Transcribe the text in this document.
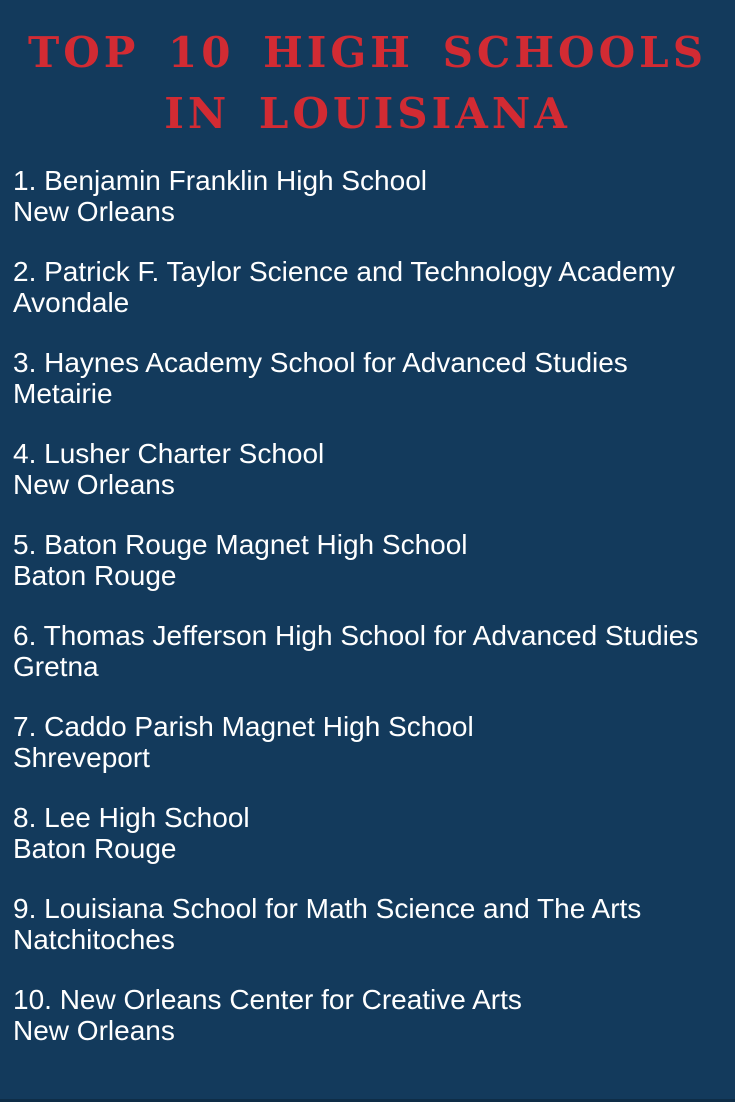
TOP 10 HIGH SCHOOLS
IN LOUISIANA
1. Benjamin Franklin High School
New Orleans
2. Patrick F. Taylor Science and Technology Academy
Avondale
3. Haynes Academy School for Advanced Studies
Metairie
4. Lusher Charter School
New Orleans
5. Baton Rouge Magnet High School
Baton Rouge
6. Thomas Jefferson High School for Advanced Studies
Gretna
7. Caddo Parish Magnet High School
Shreveport
8. Lee High School
Baton Rouge
9. Louisiana School for Math Science and The Arts
Natchitoches
10. New Orleans Center for Creative Arts
New Orleans
